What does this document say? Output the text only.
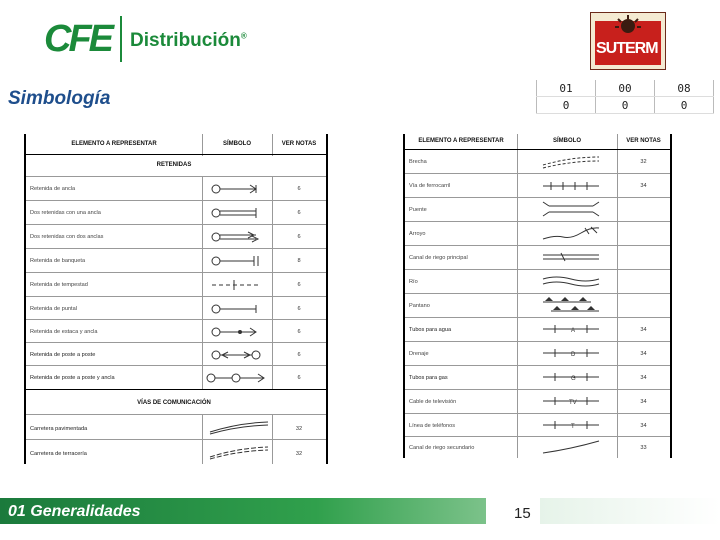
CFE Distribución®
SUTERM
Simbología	01	00	08
0	0	0
ELEMENTO A REPRESENTAR	SÍMBOLO	VER NOTAS
RETENIDAS
Retenida de ancla	6
Dos retenidas con una ancla	6
Dos retenidas con dos anclas	6
Retenida de banqueta	8
Retenida de tempestad	6
Retenida de puntal	6
Retenida de estaca y ancla	6
Retenida de poste a poste	6
Retenida de poste a poste y ancla	6
VÍAS DE COMUNICACIÓN
Carretera pavimentada	32
Carretera de terracería	32
ELEMENTO A REPRESENTAR	SÍMBOLO	VER NOTAS
Brecha	32
Vía de ferrocarril	34
Puente
Arroyo
Canal de riego principal
Río
Pantano
Tubos para agua	A	34
Drenaje	D	34
Tubos para gas	G	34
Cable de televisión	TV	34
Línea de teléfonos	T	34
Canal de riego secundario	33
01 Generalidades	15
